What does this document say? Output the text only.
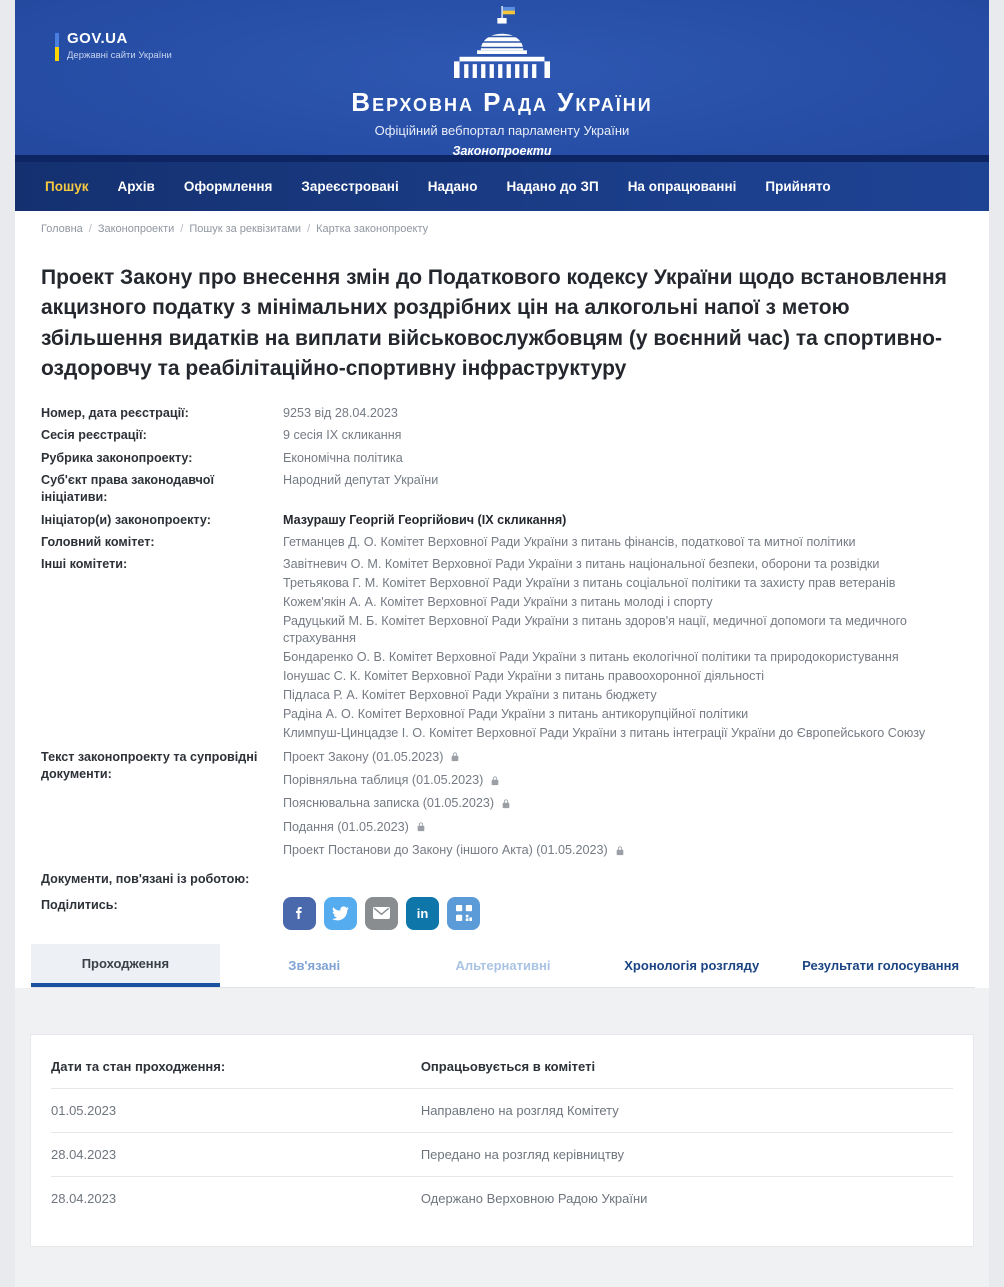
GOV.UA
Державні сайти України
Верховна Рада України
Офіційний вебпортал парламенту України
Законопроекти
Пошук Архів Оформлення Зареєстровані Надано Надано до ЗП На опрацюванні Прийнято
Головна / Законопроекти / Пошук за реквізитами / Картка законопроекту
Проект Закону про внесення змін до Податкового кодексу України щодо встановлення акцизного податку з мінімальних роздрібних цін на алкогольні напої з метою збільшення видатків на виплати військовослужбовцям (у воєнний час) та спортивно-оздоровчу та реабілітаційно-спортивну інфраструктуру
Номер, дата реєстрації:	9253 від 28.04.2023
Сесія реєстрації:	9 сесія IX скликання
Рубрика законопроекту:	Економічна політика
Суб'єкт права законодавчої ініціативи:
Народний депутат України
Ініціатор(и) законопроекту:	Мазурашу Георгій Георгійович (IX скликання)
Головний комітет:	Гетманцев Д. О. Комітет Верховної Ради України з питань фінансів, податкової та митної політики
Інші комітети:	Завітневич О. М. Комітет Верховної Ради України з питань національної безпеки, оборони та розвідки
Третьякова Г. М. Комітет Верховної Ради України з питань соціальної політики та захисту прав ветеранів
Кожем'якін А. А. Комітет Верховної Ради України з питань молоді і спорту
Радуцький М. Б. Комітет Верховної Ради України з питань здоров'я нації, медичної допомоги та медичного страхування
Бондаренко О. В. Комітет Верховної Ради України з питань екологічної політики та природокористування
Іонушас С. К. Комітет Верховної Ради України з питань правоохоронної діяльності
Підласа Р. А. Комітет Верховної Ради України з питань бюджету
Радіна А. О. Комітет Верховної Ради України з питань антикорупційної політики
Климпуш-Цинцадзе І. О. Комітет Верховної Ради України з питань інтеграції України до Європейського Союзу
Текст законопроекту та супровідні документи:
Проект Закону (01.05.2023)
Порівняльна таблиця (01.05.2023)
Пояснювальна записка (01.05.2023)
Подання (01.05.2023)
Проект Постанови до Закону (іншого Акта) (01.05.2023)
Документи, пов'язані із роботою:
Поділитись:
in
Проходження	Зв'язані	Альтернативні	Хронологія розгляду	Результати голосування
Дати та стан проходження:	Опрацьовується в комітеті
01.05.2023	Направлено на розгляд Комітету
28.04.2023	Передано на розгляд керівництву
28.04.2023	Одержано Верховною Радою України
